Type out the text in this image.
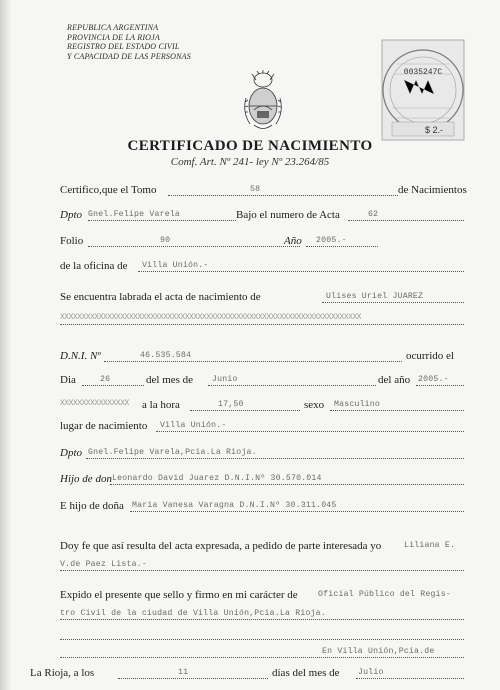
REPUBLICA ARGENTINA
PROVINCIA DE LA RIOJA
REGISTRO DEL ESTADO CIVIL
Y CAPACIDAD DE LAS PERSONAS
0035247C
$ 2.-
CERTIFICADO DE NACIMIENTO
Comf. Art. Nº 241- ley Nº 23.264/85
Certifico,que el Tomo	58	de Nacimientos
Dpto Gnel.Felipe Varela	Bajo el numero de Acta	62
Folio	90	Año 2005.-
de la oficina de Villa Unión.-
Se encuentra labrada el acta de nacimiento de	Ulises Uriel JUAREZ
XXXXXXXXXXXXXXXXXXXXXXXXXXXXXXXXXXXXXXXXXXXXXXXXXXXXXXXXXXXXXXXXXXXXXX
D.N.I. Nº	46.535.584	ocurrido el
Dia	26	del mes de Junio	del año 2005.-
XXXXXXXXXXXXXXXX a la hora	17,50	sexo Masculino
lugar de nacimiento Villa Unión.-
Dpto Gnel.Felipe Varela,Pcia.La Rioja.
Hijo de don Leonardo David Juarez D.N.I.Nº 30.570.014
E hijo de doña Maria Vanesa Varagna D.N.I.Nº 30.311.045
Doy fe que así resulta del acta expresada, a pedido de parte interesada yo	Liliana E.
V.de Paez Lista.-
Expido el presente que sello y firmo en mi carácter de Oficial Público del Regis-
tro Civil de la ciudad de Villa Unión,Pcia.La Rioja.
En Villa Unión,Pcia.de
La Rioja, a los	11	días del mes de Julio
